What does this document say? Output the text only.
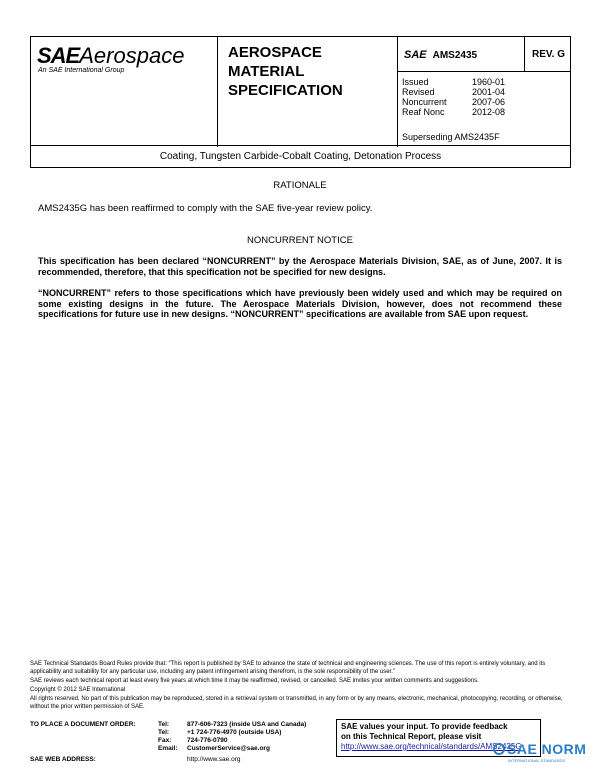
SAEAerospace
An SAE International Group
AEROSPACE
MATERIAL
SPECIFICATION
SAE AMS2435	REV. G
Issued	1960-01
Revised	2001-04
Noncurrent	2007-06
Reaf Nonc	2012-08
Superseding AMS2435F
Coating, Tungsten Carbide-Cobalt Coating, Detonation Process
RATIONALE
AMS2435G has been reaffirmed to comply with the SAE five-year review policy.
NONCURRENT NOTICE
This specification has been declared “NONCURRENT” by the Aerospace Materials Division, SAE, as of June, 2007. It is recommended, therefore, that this specification not be specified for new designs.
“NONCURRENT” refers to those specifications which have previously been widely used and which may be required on some existing designs in the future. The Aerospace Materials Division, however, does not recommend these specifications for future use in new designs. “NONCURRENT” specifications are available from SAE upon request.

SAE Technical Standards Board Rules provide that: “This report is published by SAE to advance the state of technical and engineering sciences. The use of this report is entirely voluntary, and its applicability and suitability for any particular use, including any patent infringement arising therefrom, is the sole responsibility of the user.”

SAE reviews each technical report at least every five years at which time it may be reaffirmed, revised, or cancelled. SAE invites your written comments and suggestions.

Copyright © 2012 SAE International

All rights reserved. No part of this publication may be reproduced, stored in a retrieval system or transmitted, in any form or by any means, electronic, mechanical, photocopying, recording, or otherwise, without the prior written permission of SAE.

TO PLACE A DOCUMENT ORDER:	Tel:	877-606-7323 (inside USA and Canada)
Tel:	+1 724-776-4970 (outside USA)
Fax: 724-776-0790
Email: CustomerService@sae.org
SAE WEB ADDRESS:	http://www.sae.org
SAE values your input. To provide feedback
on this Technical Report, please visit
http://www.sae.org/technical/standards/AMS2435G
SAE NORM
INTERNATIONAL STANDARDS
